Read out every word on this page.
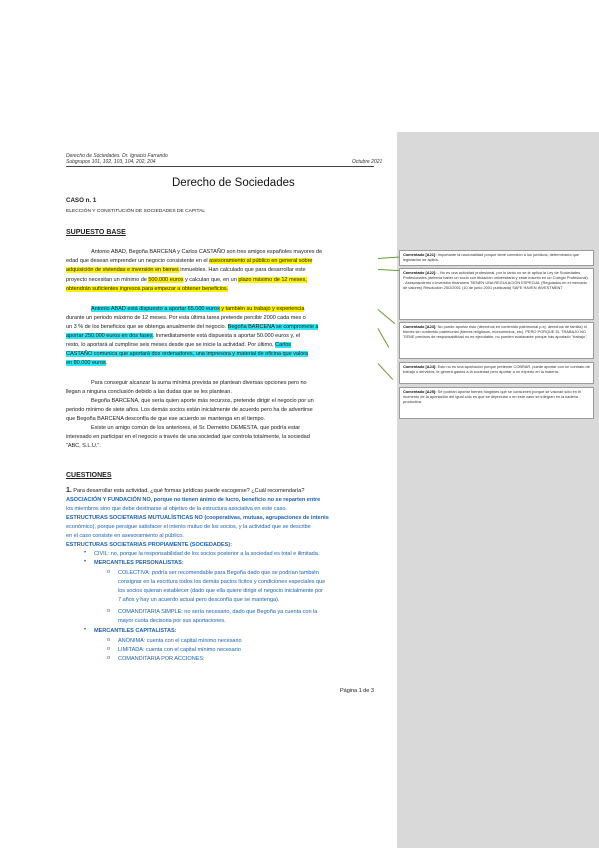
Derecho de Sociedades. Dr. Ignacio Farrando
Subgrupos 101, 102, 103, 104, 202, 204	Octubre 2021
Derecho de Sociedades
CASO n. 1
ELECCIÓN Y CONSTITUCIÓN DE SOCIEDADES DE CAPITAL
SUPUESTO BASE
Antonio ABAD, Begoña BARCENA y Carlos CASTAÑO son tres amigos españoles mayores de
edad que desean emprender un negocio consistente en el asesoramiento al público en general sobre
adquisición de viviendas e inversión en bienes inmuebles. Han calculado que para desarrollar este
proyecto necesitan un mínimo de 500.000 euros y calculan que, en un plazo máximo de 12 meses,
obtendrán suficientes ingresos para empezar a obtener beneficios.
Antonio ABAD está dispuesto a aportar 65.000 euros y también su trabajo y experiencia
durante un periodo máximo de 12 meses. Por esta última tarea pretende percibir 2000 cada mes o
un 3 % de los beneficios que se obtenga anualmente del negocio. Begoña BARCENA se compromete a
aportar 250.000 euros en dos fases. Inmediatamente está dispuesta a aportar 50.000 euros y, el
resto, lo aportará al cumplirse seis meses desde que se inicie la actividad. Por último, Carlos
CASTAÑO comunica que aportará dos ordenadores, una impresora y material de oficina que valora
en 80.000 euros.
Para conseguir alcanzar la suma mínima prevista se plantean diversas opciones pero no
llegan a ninguna conclusión debido a las dudas que se les plantean.
Begoña BARCENA, que sería quien aporte más recursos, pretende dirigir el negocio por un
periodo mínimo de siete años. Los demás socios están inicialmente de acuerdo pero ha de advertirse
que Begoña BARCENA desconfía de que ese acuerdo se mantenga en el tiempo.
Existe un amigo común de los anteriores, el Sr. Demetrio DEMESTA, que podría estar
interesado en participar en el negocio a través de una sociedad que controla totalmente, la sociedad
“ABC, S.L.U.”.
CUESTIONES
1. Para desarrollar esta actividad, ¿qué formas jurídicas puede escogerse? ¿Cuál recomendaría?
ASOCIACIÓN Y FUNDACIÓN NO, porque no tienen ánimo de lucro, beneficio no se reparten entre
los miembros sino que debe destinarse al objetivo de la estructura asociativa en este caso.
ESTRUCTURAS SOCIETARIAS MUTUALÍSTICAS NO (cooperativas, mutuas, agrupaciones de interés
económico), porque persigue satisfacer el interés mutuo de los socios, y la actividad que se describe
en el caso consiste en asesoramiento al público.
ESTRUCTURAS SOCIETARIAS PROPIAMENTE (SOCIEDADES):
• CIVIL: no, porque la responsabilidad de los socios posterior a la sociedad es total e ilimitada.
• MERCANTILES PERSONALISTAS:
o COLECTIVA: podría ser recomendable para Begoña dado que se podrían también
consignar en la escritura todos los demás pactos lícitos y condiciones especiales que
los socios quieran establecer (dado que ella quiere dirigir el negocio inicialmente por
7 años y hay un acuerdo actual pero desconfía que se mantenga).
o COMANDITARIA SIMPLE: no sería necesario, dado que Begoña ya cuenta con la
mayor cuota decisoria por sus aportaciones.
• MERCANTILES CAPITALISTAS:
o ANÓNIMA: cuenta con el capital mínimo necesario
o LIMITADA: cuenta con el capital mínimo necesario
o COMANDITARIA POR ACCIONES:
Página 1 de 3
Comentado [A21]: Importante la nacionalidad porque tiene conexión a los jurídicos, determinaría que legislación se aplica.
Comentado [A22]: - No es una actividad profesional, por lo tanto no se le aplica la Ley de Sociedades Profesionales (debería haber un socio con titulación universitaria y estar inscrito en un Colegio Profesional). - Asesoramiento o inversión financiera TIENEN UNA REGULACIÓN ESPECIAL (Regulados en el mercado de valores) Resolución 25/2/2001 (10 de junio 2001 publicada) SAFE HAVEN INVESTMENT
Comentado [A23]: No puede aportar esto (derechos en contenido patrimonial p.ej. derechos de familia) ni bienes sin contenido patrimonial (bienes religiosos, monumentos, etc). PERO PORQUE EL TRABAJO NO TIENE precisos de responsabilidad no es ejecutable, no pueden ecalavante porque has aportado "trabajo".
Comentado [A24]: Esto no es una aportación porque pretende COBRAR, puede aportar con un contrato de trabajo o servicios, le genera gastos a la sociedad pero aportar a un experto en la materia.
Comentado [A25]: Se podrían aportar bienes fungibles que se consumen porque se valoran sólo en el momento de la aportación del igual sólo es que se deprecian o en este caso se integran en la cadena productiva.
